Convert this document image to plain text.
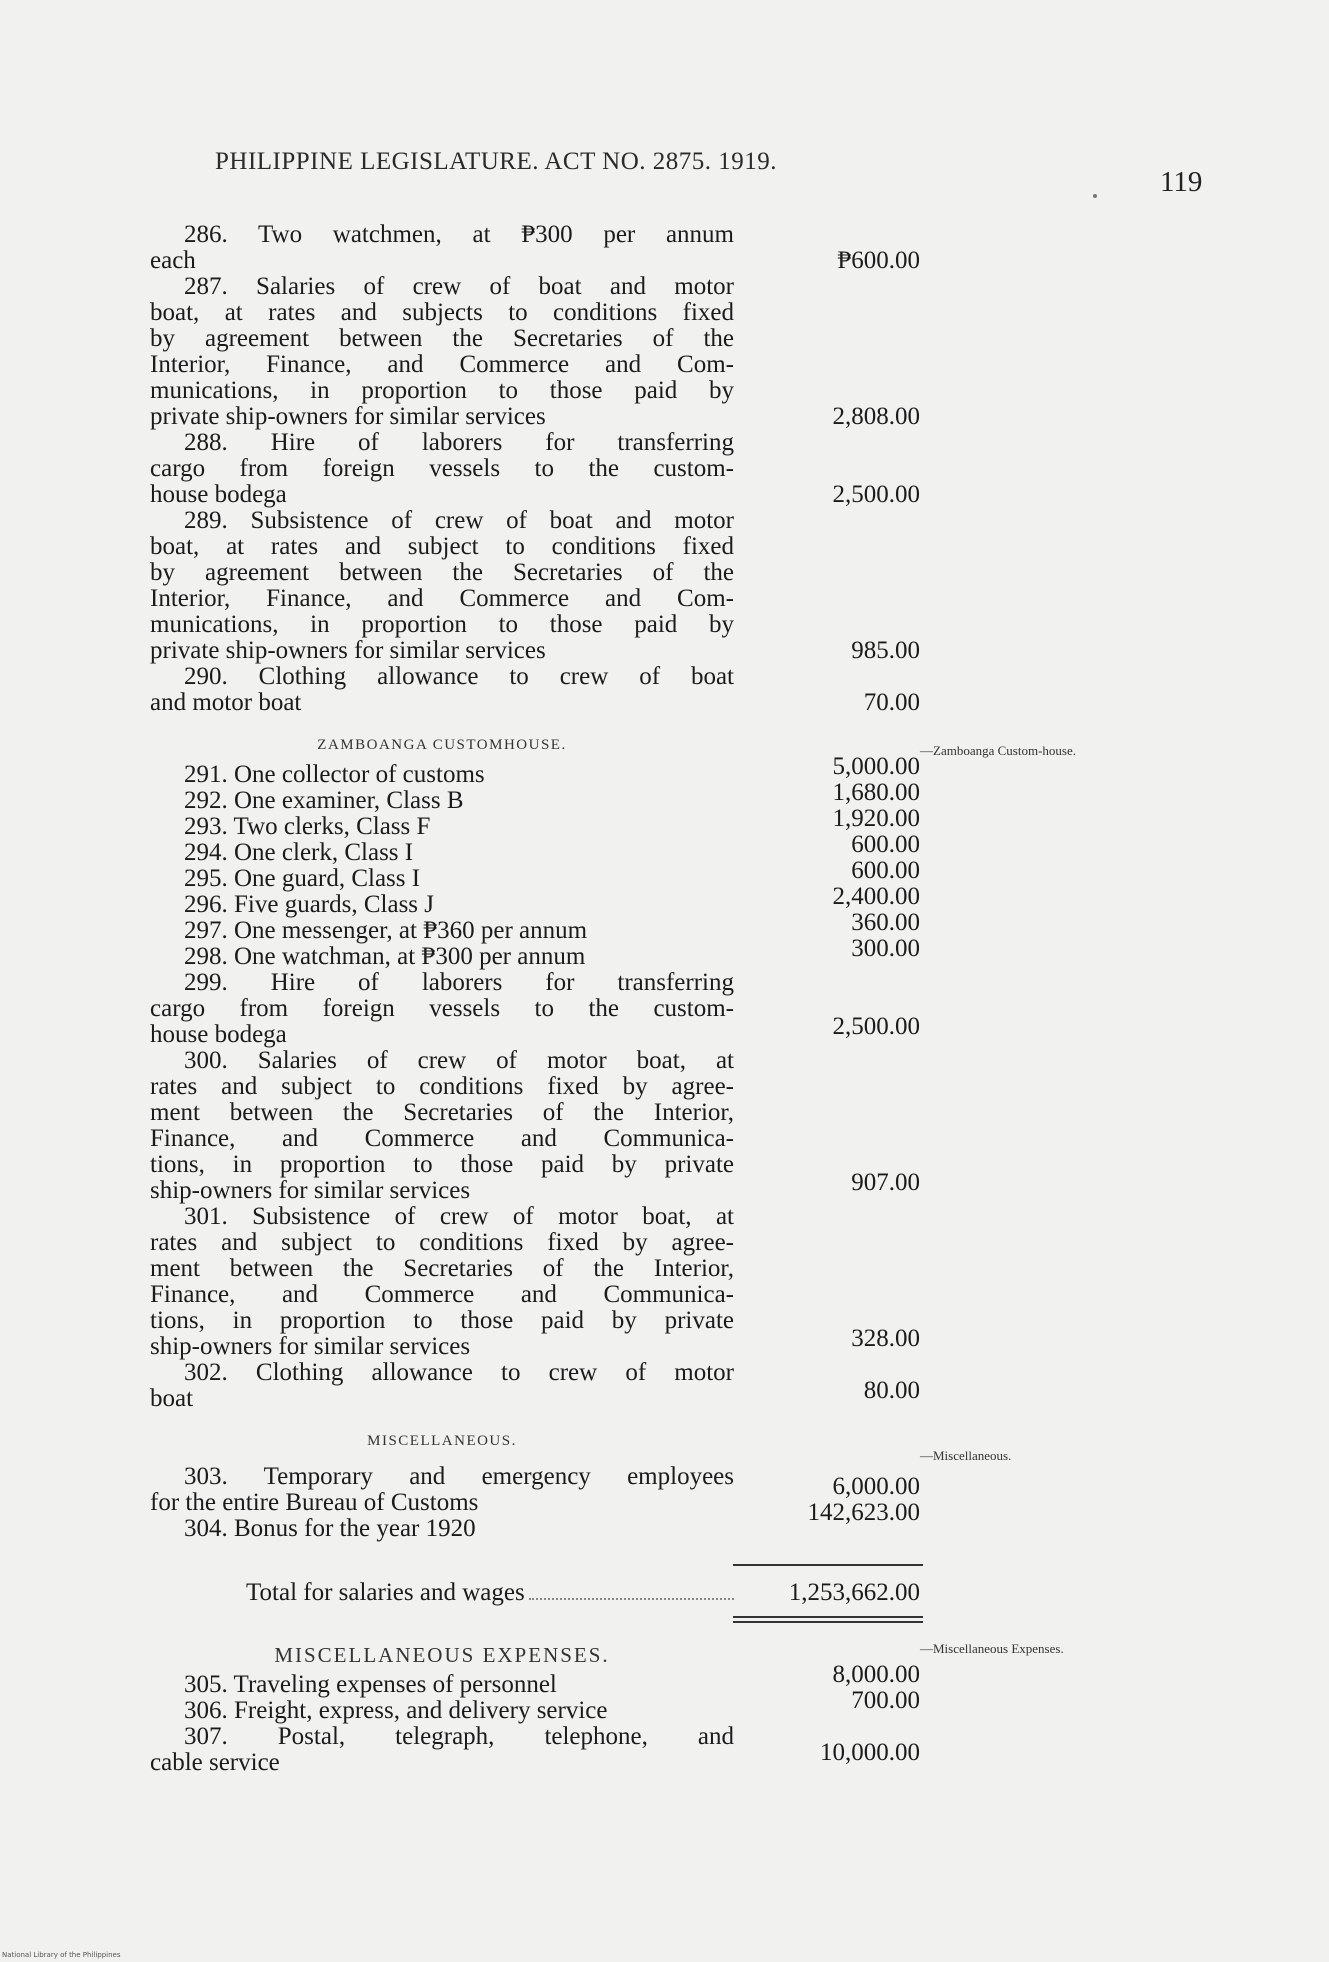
PHILIPPINE LEGISLATURE. ACT NO. 2875. 1919.
119
286. Two watchmen, at ₱300 per annum
each
287. Salaries of crew of boat and motor
boat, at rates and subjects to conditions fixed
by agreement between the Secretaries of the
Interior, Finance, and Commerce and Com-
munications, in proportion to those paid by
private ship-owners for similar services
288. Hire of laborers for transferring
cargo from foreign vessels to the custom-
house bodega
289. Subsistence of crew of boat and motor
boat, at rates and subject to conditions fixed
by agreement between the Secretaries of the
Interior, Finance, and Commerce and Com-
munications, in proportion to those paid by
private ship-owners for similar services
290. Clothing allowance to crew of boat
and motor boat
ZAMBOANGA CUSTOMHOUSE.
291. One collector of customs
292. One examiner, Class B
293. Two clerks, Class F
294. One clerk, Class I
295. One guard, Class I
296. Five guards, Class J
297. One messenger, at ₱360 per annum
298. One watchman, at ₱300 per annum
299. Hire of laborers for transferring
cargo from foreign vessels to the custom-
house bodega
300. Salaries of crew of motor boat, at
rates and subject to conditions fixed by agree-
ment between the Secretaries of the Interior,
Finance, and Commerce and Communica-
tions, in proportion to those paid by private
ship-owners for similar services
301. Subsistence of crew of motor boat, at
rates and subject to conditions fixed by agree-
ment between the Secretaries of the Interior,
Finance, and Commerce and Communica-
tions, in proportion to those paid by private
ship-owners for similar services
302. Clothing allowance to crew of motor
boat
MISCELLANEOUS.
303. Temporary and emergency employees
for the entire Bureau of Customs
304. Bonus for the year 1920
MISCELLANEOUS EXPENSES.
305. Traveling expenses of personnel
306. Freight, express, and delivery service
307. Postal, telegraph, telephone, and
cable service
₱600.00
2,808.00
2,500.00
985.00
70.00
5,000.00
1,680.00
1,920.00
600.00
600.00
2,400.00
360.00
300.00
2,500.00
907.00
328.00
80.00
6,000.00
142,623.00
8,000.00
700.00
10,000.00
—Zamboanga Custom-house.
—Miscellaneous.
—Miscellaneous Expenses.
Total for salaries and wages	1,253,662.00
National Library of the Philippines
